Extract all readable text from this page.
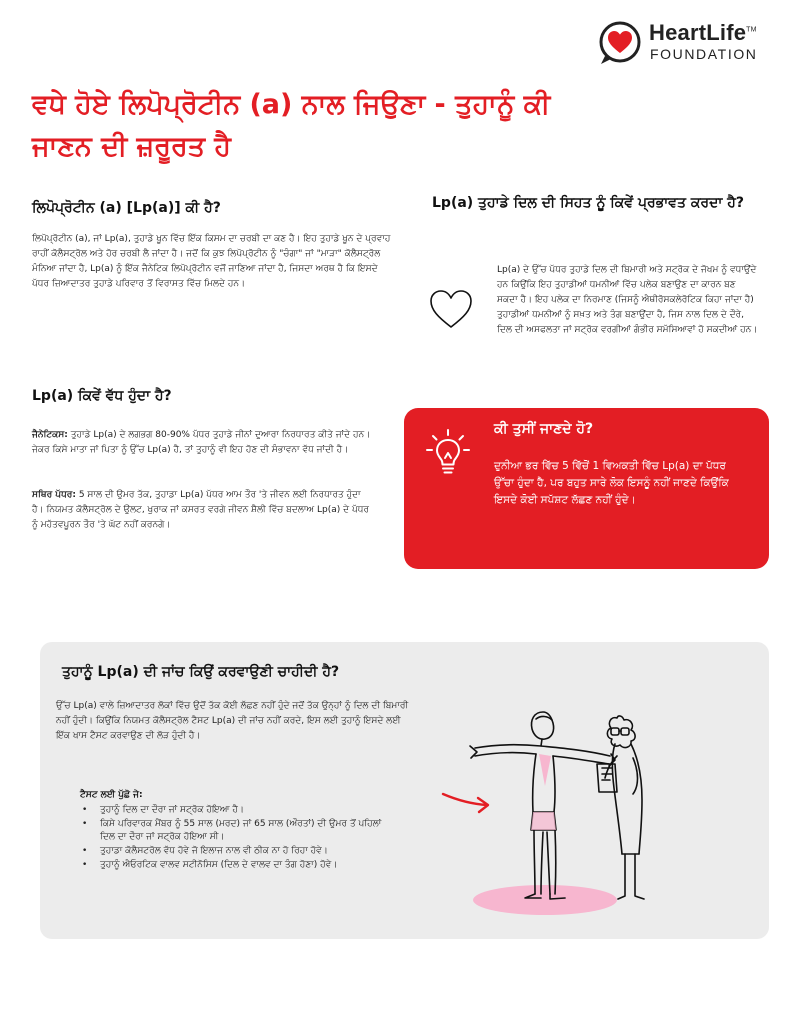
HeartLife™
FOUNDATION
ਵਧੇ ਹੋਏ ਲਿਪੋਪ੍ਰੋਟੀਨ (a) ਨਾਲ ਜਿਉਣਾ - ਤੁਹਾਨੂੰ ਕੀ ਜਾਣਨ ਦੀ ਜ਼ਰੂਰਤ ਹੈ
ਲਿਪੋਪ੍ਰੋਟੀਨ (a) [Lp(a)] ਕੀ ਹੈ?

ਲਿਪੋਪ੍ਰੋਟੀਨ (a), ਜਾਂ Lp(a), ਤੁਹਾਡੇ ਖੂਨ ਵਿੱਚ ਇੱਕ ਕਿਸਮ ਦਾ ਚਰਬੀ ਦਾ ਕਣ ਹੈ। ਇਹ ਤੁਹਾਡੇ ਖੂਨ ਦੇ ਪ੍ਰਵਾਹ ਰਾਹੀਂ ਕੋਲੈਸਟ੍ਰੋਲ ਅਤੇ ਹੋਰ ਚਰਬੀ ਲੈ ਜਾਂਦਾ ਹੈ। ਜਦੋਂ ਕਿ ਕੁਝ ਲਿਪੋਪ੍ਰੋਟੀਨ ਨੂੰ "ਚੰਗਾ" ਜਾਂ "ਮਾੜਾ" ਕੋਲੈਸਟ੍ਰੋਲ ਮੰਨਿਆ ਜਾਂਦਾ ਹੈ, Lp(a) ਨੂੰ ਇੱਕ ਜੈਨੇਟਿਕ ਲਿਪੋਪ੍ਰੋਟੀਨ ਵਜੋਂ ਜਾਣਿਆ ਜਾਂਦਾ ਹੈ, ਜਿਸਦਾ ਅਰਥ ਹੈ ਕਿ ਇਸਦੇ ਪੱਧਰ ਜ਼ਿਆਦਾਤਰ ਤੁਹਾਡੇ ਪਰਿਵਾਰ ਤੋਂ ਵਿਰਾਸਤ ਵਿੱਚ ਮਿਲਦੇ ਹਨ।

Lp(a) ਤੁਹਾਡੇ ਦਿਲ ਦੀ ਸਿਹਤ ਨੂੰ ਕਿਵੇਂ ਪ੍ਰਭਾਵਤ ਕਰਦਾ ਹੈ?

Lp(a) ਦੇ ਉੱਚ ਪੱਧਰ ਤੁਹਾਡੇ ਦਿਲ ਦੀ ਬਿਮਾਰੀ ਅਤੇ ਸਟ੍ਰੋਕ ਦੇ ਜੋਖਮ ਨੂੰ ਵਧਾਉਂਦੇ ਹਨ ਕਿਉਂਕਿ ਇਹ ਤੁਹਾਡੀਆਂ ਧਮਨੀਆਂ ਵਿੱਚ ਪਲੇਕ ਬਣਾਉਣ ਦਾ ਕਾਰਨ ਬਣ ਸਕਦਾ ਹੈ। ਇਹ ਪਲੇਕ ਦਾ ਨਿਰਮਾਣ (ਜਿਸਨੂੰ ਐਥੀਰੋਸਕਲੇਰੋਟਿਕ ਕਿਹਾ ਜਾਂਦਾ ਹੈ) ਤੁਹਾਡੀਆਂ ਧਮਨੀਆਂ ਨੂੰ ਸਖ਼ਤ ਅਤੇ ਤੰਗ ਬਣਾਉਂਦਾ ਹੈ, ਜਿਸ ਨਾਲ ਦਿਲ ਦੇ ਦੌਰੇ, ਦਿਲ ਦੀ ਅਸਫਲਤਾ ਜਾਂ ਸਟ੍ਰੋਕ ਵਰਗੀਆਂ ਗੰਭੀਰ ਸਮੱਸਿਆਵਾਂ ਹੋ ਸਕਦੀਆਂ ਹਨ।

Lp(a) ਕਿਵੇਂ ਵੱਧ ਹੁੰਦਾ ਹੈ?

ਜੈਨੇਟਿਕਸ: ਤੁਹਾਡੇ Lp(a) ਦੇ ਲਗਭਗ 80-90% ਪੱਧਰ ਤੁਹਾਡੇ ਜੀਨਾਂ ਦੁਆਰਾ ਨਿਰਧਾਰਤ ਕੀਤੇ ਜਾਂਦੇ ਹਨ। ਜੇਕਰ ਕਿਸੇ ਮਾਤਾ ਜਾਂ ਪਿਤਾ ਨੂੰ ਉੱਚ Lp(a) ਹੈ, ਤਾਂ ਤੁਹਾਨੂੰ ਵੀ ਇਹ ਹੋਣ ਦੀ ਸੰਭਾਵਨਾ ਵੱਧ ਜਾਂਦੀ ਹੈ।

ਸਥਿਰ ਪੱਧਰ: 5 ਸਾਲ ਦੀ ਉਮਰ ਤੱਕ, ਤੁਹਾਡਾ Lp(a) ਪੱਧਰ ਆਮ ਤੌਰ 'ਤੇ ਜੀਵਨ ਲਈ ਨਿਰਧਾਰਤ ਹੁੰਦਾ ਹੈ। ਨਿਯਮਤ ਕੋਲੈਸਟ੍ਰੋਲ ਦੇ ਉਲਟ, ਖੁਰਾਕ ਜਾਂ ਕਸਰਤ ਵਰਗੇ ਜੀਵਨ ਸ਼ੈਲੀ ਵਿੱਚ ਬਦਲਾਅ Lp(a) ਦੇ ਪੱਧਰ ਨੂੰ ਮਹੱਤਵਪੂਰਨ ਤੌਰ 'ਤੇ ਘੱਟ ਨਹੀਂ ਕਰਨਗੇ।

ਕੀ ਤੁਸੀਂ ਜਾਣਦੇ ਹੋ?
ਦੁਨੀਆ ਭਰ ਵਿੱਚ 5 ਵਿੱਚੋਂ 1 ਵਿਅਕਤੀ ਵਿੱਚ Lp(a) ਦਾ ਪੱਧਰ ਉੱਚਾ ਹੁੰਦਾ ਹੈ, ਪਰ ਬਹੁਤ ਸਾਰੇ ਲੋਕ ਇਸਨੂੰ ਨਹੀਂ ਜਾਣਦੇ ਕਿਉਂਕਿ ਇਸਦੇ ਕੋਈ ਸਪੱਸ਼ਟ ਲੱਛਣ ਨਹੀਂ ਹੁੰਦੇ।
ਤੁਹਾਨੂੰ Lp(a) ਦੀ ਜਾਂਚ ਕਿਉਂ ਕਰਵਾਉਣੀ ਚਾਹੀਦੀ ਹੈ?
ਉੱਚ Lp(a) ਵਾਲੇ ਜ਼ਿਆਦਾਤਰ ਲੋਕਾਂ ਵਿੱਚ ਉਦੋਂ ਤੱਕ ਕੋਈ ਲੱਛਣ ਨਹੀਂ ਹੁੰਦੇ ਜਦੋਂ ਤੱਕ ਉਨ੍ਹਾਂ ਨੂੰ ਦਿਲ ਦੀ ਬਿਮਾਰੀ ਨਹੀਂ ਹੁੰਦੀ। ਕਿਉਂਕਿ ਨਿਯਮਤ ਕੋਲੈਸਟ੍ਰੋਲ ਟੈਸਟ Lp(a) ਦੀ ਜਾਂਚ ਨਹੀਂ ਕਰਦੇ, ਇਸ ਲਈ ਤੁਹਾਨੂੰ ਇਸਦੇ ਲਈ ਇੱਕ ਖਾਸ ਟੈਸਟ ਕਰਵਾਉਣ ਦੀ ਲੋੜ ਹੁੰਦੀ ਹੈ।
ਟੈਸਟ ਲਈ ਪੁੱਛੋ ਜੇ:
• ਤੁਹਾਨੂੰ ਦਿਲ ਦਾ ਦੌਰਾ ਜਾਂ ਸਟ੍ਰੋਕ ਹੋਇਆ ਹੈ।
• ਕਿਸੇ ਪਰਿਵਾਰਕ ਮੈਂਬਰ ਨੂੰ 55 ਸਾਲ (ਮਰਦ) ਜਾਂ 65 ਸਾਲ (ਔਰਤਾਂ) ਦੀ ਉਮਰ ਤੋਂ ਪਹਿਲਾਂ ਦਿਲ ਦਾ ਦੌਰਾ ਜਾਂ ਸਟ੍ਰੋਕ ਹੋਇਆ ਸੀ।
• ਤੁਹਾਡਾ ਕੋਲੈਸਟਰੋਲ ਵੱਧ ਹੋਵੇ ਜੋ ਇਲਾਜ ਨਾਲ ਵੀ ਠੀਕ ਨਾ ਹੋ ਰਿਹਾ ਹੋਵੇ।
• ਤੁਹਾਨੂੰ ਐਓਰਟਿਕ ਵਾਲਵ ਸਟੀਨੋਸਿਸ (ਦਿਲ ਦੇ ਵਾਲਵ ਦਾ ਤੰਗ ਹੋਣਾ) ਹੋਵੇ।
